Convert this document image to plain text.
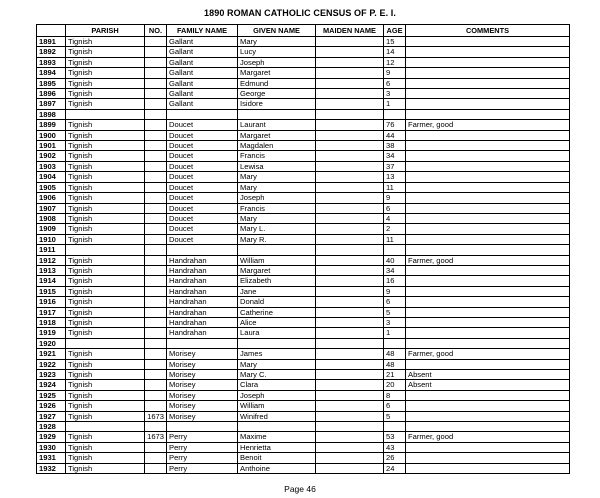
1890 ROMAN CATHOLIC CENSUS OF P. E. I.
	PARISH	NO.	FAMILY NAME	GIVEN NAME	MAIDEN NAME	AGE	COMMENTS
1891	Tignish		Gallant	Mary		15	
1892	Tignish		Gallant	Lucy		14	
1893	Tignish		Gallant	Joseph		12	
1894	Tignish		Gallant	Margaret		9	
1895	Tignish		Gallant	Edmund		6	
1896	Tignish		Gallant	George		3	
1897	Tignish		Gallant	Isidore		1	
1898							
1899	Tignish		Doucet	Laurant		76	Farmer, good
1900	Tignish		Doucet	Margaret		44	
1901	Tignish		Doucet	Magdalen		38	
1902	Tignish		Doucet	Francis		34	
1903	Tignish		Doucet	Lewisa		37	
1904	Tignish		Doucet	Mary		13	
1905	Tignish		Doucet	Mary		11	
1906	Tignish		Doucet	Joseph		9	
1907	Tignish		Doucet	Francis		6	
1908	Tignish		Doucet	Mary		4	
1909	Tignish		Doucet	Mary L.		2	
1910	Tignish		Doucet	Mary R.		11	
1911							
1912	Tignish		Handrahan	William		40	Farmer, good
1913	Tignish		Handrahan	Margaret		34	
1914	Tignish		Handrahan	Elizabeth		16	
1915	Tignish		Handrahan	Jane		9	
1916	Tignish		Handrahan	Donald		6	
1917	Tignish		Handrahan	Catherine		5	
1918	Tignish		Handrahan	Alice		3	
1919	Tignish		Handrahan	Laura		1	
1920							
1921	Tignish		Morisey	James		48	Farmer, good
1922	Tignish		Morisey	Mary		48	
1923	Tignish		Morisey	Mary C.		21	Absent
1924	Tignish		Morisey	Clara		20	Absent
1925	Tignish		Morisey	Joseph		8	
1926	Tignish		Morisey	William		6	
1927	Tignish	1673	Morisey	Winifred		5	
1928							
1929	Tignish	1673	Perry	Maxime		53	Farmer, good
1930	Tignish		Perry	Henrietta		43	
1931	Tignish		Perry	Benoit		26	
1932	Tignish		Perry	Anthoine		24	
Page 46
